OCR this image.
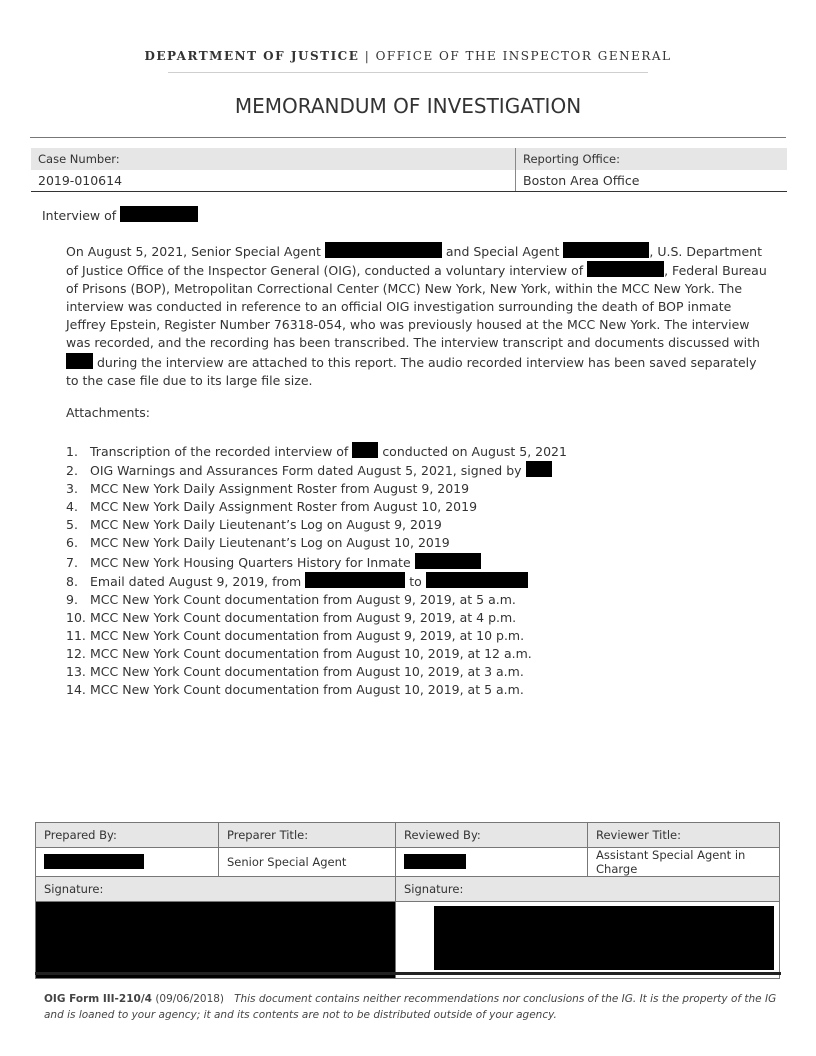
DEPARTMENT OF JUSTICE | OFFICE OF THE INSPECTOR GENERAL
MEMORANDUM OF INVESTIGATION
Case Number:	Reporting Office:
2019-010614	Boston Area Office
Interview of

On August 5, 2021, Senior Special Agent	and Special Agent	, U.S. Department of Justice Office of the Inspector General (OIG), conducted a voluntary interview of	, Federal Bureau of Prisons (BOP), Metropolitan Correctional Center (MCC) New York, New York, within the MCC New York. The interview was conducted in reference to an official OIG investigation surrounding the death of BOP inmate Jeffrey Epstein, Register Number 76318-054, who was previously housed at the MCC New York. The interview was recorded, and the recording has been transcribed. The interview transcript and documents discussed with  during the interview are attached to this report. The audio recorded interview has been saved separately to the case file due to its large file size.

Attachments:
1. Transcription of the recorded interview of	conducted on August 5, 2021
2. OIG Warnings and Assurances Form dated August 5, 2021, signed by
3. MCC New York Daily Assignment Roster from August 9, 2019
4. MCC New York Daily Assignment Roster from August 10, 2019
5. MCC New York Daily Lieutenant’s Log on August 9, 2019
6. MCC New York Daily Lieutenant’s Log on August 10, 2019
7. MCC New York Housing Quarters History for Inmate
8. Email dated August 9, 2019, from	to
9. MCC New York Count documentation from August 9, 2019, at 5 a.m.
10. MCC New York Count documentation from August 9, 2019, at 4 p.m.
11. MCC New York Count documentation from August 9, 2019, at 10 p.m.
12. MCC New York Count documentation from August 10, 2019, at 12 a.m.
13. MCC New York Count documentation from August 10, 2019, at 3 a.m.
14. MCC New York Count documentation from August 10, 2019, at 5 a.m.
Prepared By:	Preparer Title:	Reviewed By:	Reviewer Title:
	Senior Special Agent		Assistant Special Agent in Charge
Signature:		Signature:	

OIG Form III-210/4 (09/06/2018) This document contains neither recommendations nor conclusions of the IG. It is the property of the IG and is loaned to your agency; it and its contents are not to be distributed outside of your agency.
